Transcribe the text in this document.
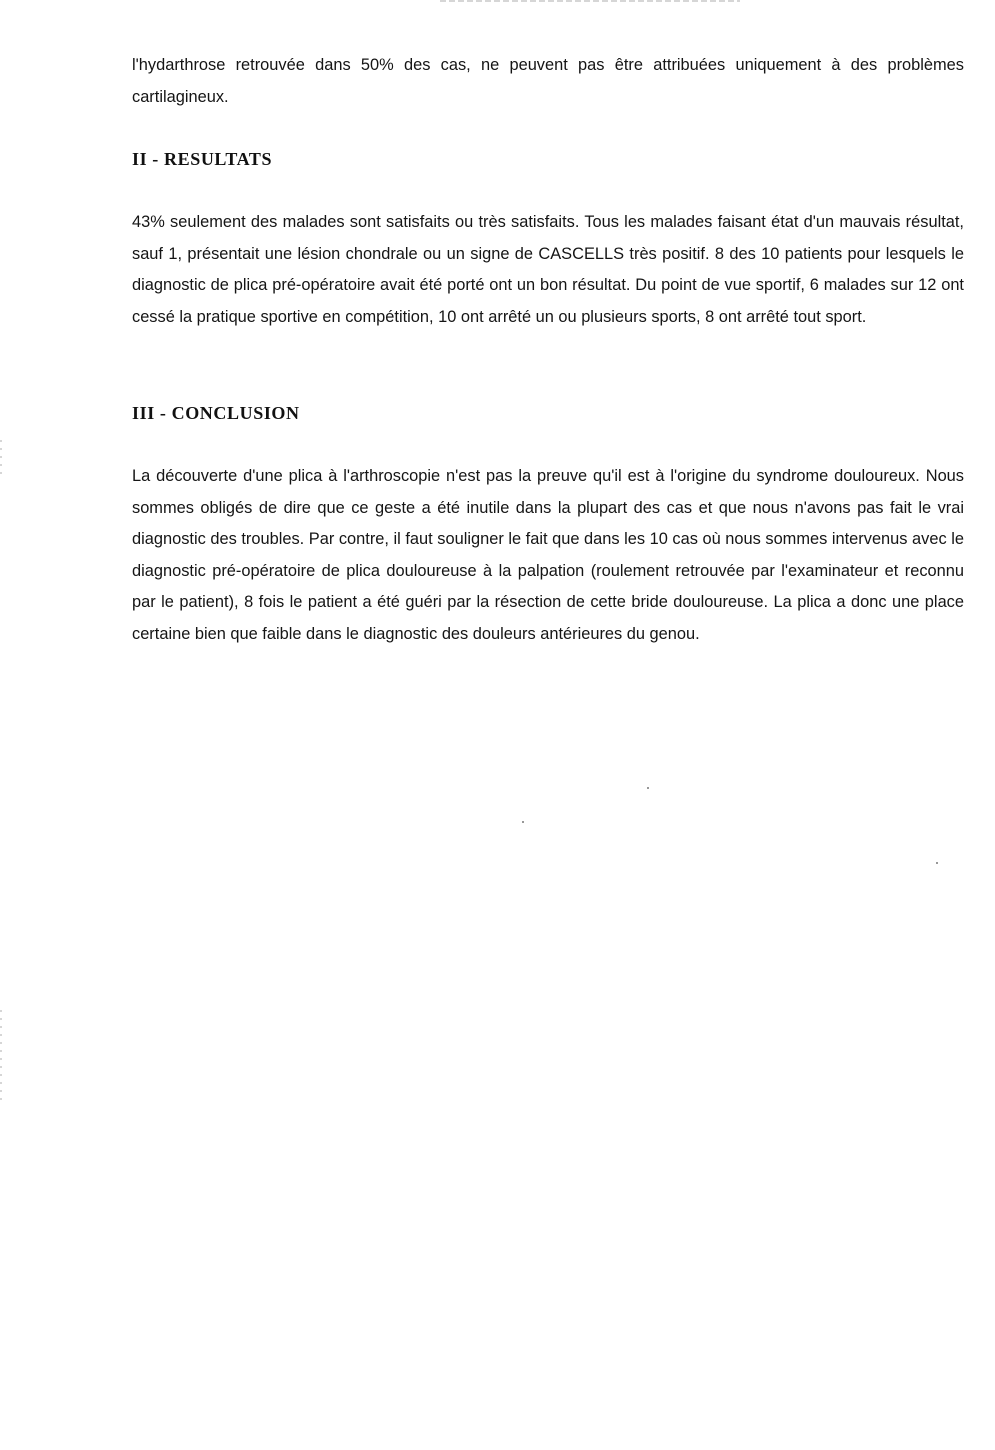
l'hydarthrose retrouvée dans 50% des cas, ne peuvent pas être attribuées uniquement à des problèmes cartilagineux.

II - RESULTATS

43% seulement des malades sont satisfaits ou très satisfaits. Tous les malades faisant état d'un mauvais résultat, sauf 1, présentait une lésion chondrale ou un signe de CASCELLS très positif. 8 des 10 patients pour lesquels le diagnostic de plica pré-opératoire avait été porté ont un bon résultat. Du point de vue sportif, 6 malades sur 12 ont cessé la pratique sportive en compétition, 10 ont arrêté un ou plusieurs sports, 8 ont arrêté tout sport.

III - CONCLUSION

La découverte d'une plica à l'arthroscopie n'est pas la preuve qu'il est à l'origine du syndrome douloureux. Nous sommes obligés de dire que ce geste a été inutile dans la plupart des cas et que nous n'avons pas fait le vrai diagnostic des troubles. Par contre, il faut souligner le fait que dans les 10 cas où nous sommes intervenus avec le diagnostic pré-opératoire de plica douloureuse à la palpation (roulement retrouvée par l'examinateur et reconnu par le patient), 8 fois le patient a été guéri par la résection de cette bride douloureuse. La plica a donc une place certaine bien que faible dans le diagnostic des douleurs antérieures du genou.
